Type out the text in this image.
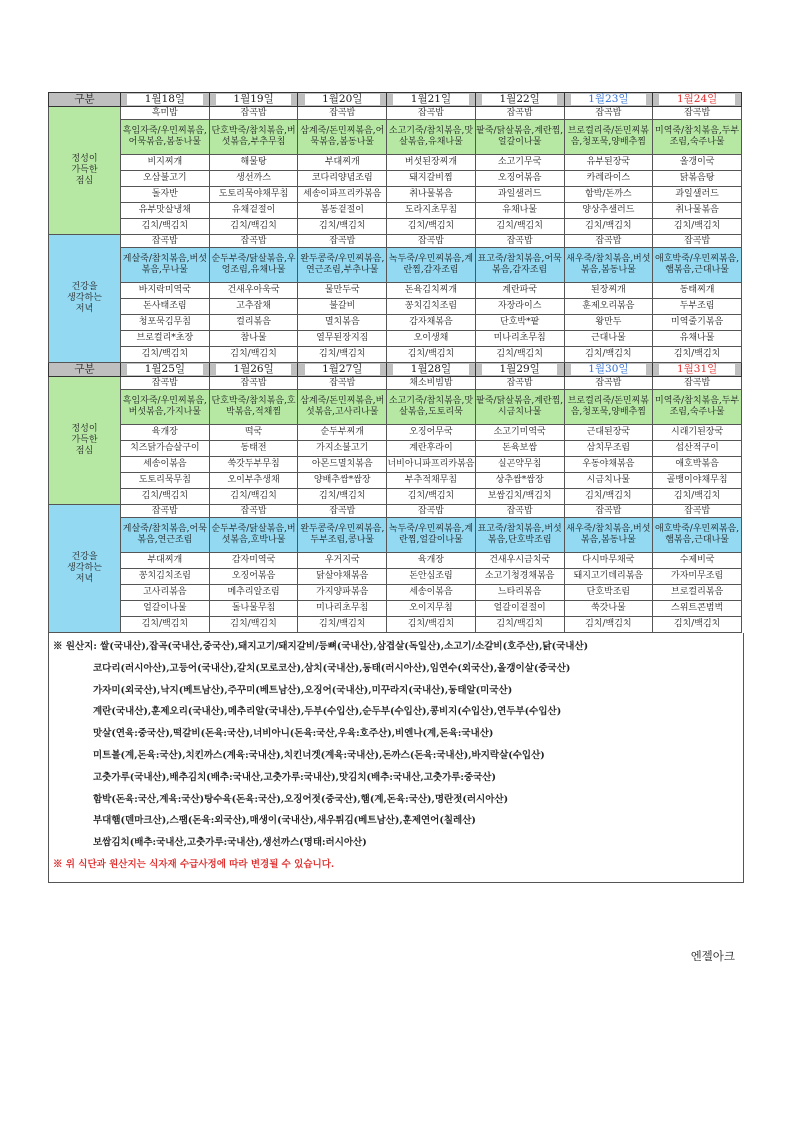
구분	1월18일	1월19일	1월20일	1월21일	1월22일	1월23일	1월24일

정성이
가득한
점심	흑미밥	잡곡밥	잡곡밥	잡곡밥	잡곡밥	잡곡밥	잡곡밥
	흑임자죽/우민찌볶음,어묵볶음,봄동나물	단호박죽/참치볶음,버섯볶음,부추무침	삼계죽/돈민찌볶음,어묵볶음,봄동나물	소고기죽/참치볶음,맛살볶음,유채나물	팥죽/닭살볶음,계란찜,얼갈이나물	브로컬리죽/돈민찌볶음,청포묵,양배추찜	미역죽/참치볶음,두부조림,숙주나물
	비지찌개	해물탕	부대찌개	버섯된장찌개	소고기무국	유부된장국	올갱이국
	오삼불고기	생선까스	코다리양념조림	돼지갈비찜	오징어볶음	카레라이스	닭볶음탕
	돌자반	도토리묵야채무침	세송이파프리카볶음	취나물볶음	과일샐러드	함박/돈까스	과일샐러드
	유부맛살냉채	유채겉절이	봄동겉절이	도라지초무침	유채나물	양상추샐러드	취나물볶음
	김치/백김치	김치/백김치	김치/백김치	김치/백김치	김치/백김치	김치/백김치	김치/백김치

건강을
생각하는
저녁	잡곡밥	잡곡밥	잡곡밥	잡곡밥	잡곡밥	잡곡밥	잡곡밥
	게살죽/참치볶음,버섯볶음,무나물	순두부죽/닭살볶음,우엉조림,유채나물	완두콩죽/우민찌볶음,연근조림,부추나물	녹두죽/우민찌볶음,계란찜,감자조림	표고죽/참치볶음,어묵볶음,감자조림	새우죽/참치볶음,버섯볶음,봄동나물	애호박죽/우민찌볶음,햄볶음,근대나물
	바지락미역국	건새우아욱국	물만두국	돈육김치찌개	계란파국	된장찌개	동태찌개
	돈사태조림	고추잡채	불갈비	꽁치김치조림	자장라이스	훈제오리볶음	두부조림
	청포묵김무침	컬리볶음	멸치볶음	감자채볶음	단호박*팥	왕만두	미역줄기볶음
	브로컬리*초장	참나물	열무된장지짐	오이생채	미나리초무침	근대나물	유채나물
	김치/백김치	김치/백김치	김치/백김치	김치/백김치	김치/백김치	김치/백김치	김치/백김치
구분	1월25일	1월26일	1월27일	1월28일	1월29일	1월30일	1월31일

정성이
가득한
점심	잡곡밥	잡곡밥	잡곡밥	채소비빔밥	잡곡밥	잡곡밥	잡곡밥
	흑임자죽/우민찌볶음,버섯볶음,가지나물	단호박죽/참치볶음,호박볶음,적채찜	삼계죽/돈민찌볶음,버섯볶음,고사리나물	소고기죽/참치볶음,맛살볶음,도토리묵	팥죽/닭살볶음,계란찜,시금치나물	브로컬리죽/돈민찌볶음,청포묵,양배추찜	미역죽/참치볶음,두부조림,숙주나물
	육개장	떡국	순두부찌개	오징어무국	소고기미역국	근대된장국	시래기된장국
	치즈닭가슴살구이	동태전	가지소불고기	계란후라이	돈육보쌈	삼치무조림	섭산적구이
	세송이볶음	쑥갓두부무침	아몬드멸치볶음	너비아니파프리카볶음	실곤약무침	우동야채볶음	애호박볶음
	도토리묵무침	오이부추생채	양배추쌈*쌈장	부추적채무침	상추쌈*쌈장	시금치나물	골뱅이야채무침
	김치/백김치	김치/백김치	김치/백김치	김치/백김치	보쌈김치/백김치	김치/백김치	김치/백김치

건강을
생각하는
저녁	잡곡밥	잡곡밥	잡곡밥	잡곡밥	잡곡밥	잡곡밥	잡곡밥
	게살죽/참치볶음,어묵볶음,연근조림	순두부죽/닭살볶음,버섯볶음,호박나물	완두콩죽/우민찌볶음,두부조림,콩나물	녹두죽/우민찌볶음,계란찜,얼갈이나물	표고죽/참치볶음,버섯볶음,단호박조림	새우죽/참치볶음,버섯볶음,봄동나물	애호박죽/우민찌볶음,햄볶음,근대나물
	부대찌개	감자미역국	우거지국	육개장	건새우시금치국	다시마무채국	수제비국
	꽁치김치조림	오징어볶음	닭살야채볶음	돈안심조림	소고기청경채볶음	돼지고기데리볶음	가자미무조림
	고사리볶음	메추리알조림	가지양파볶음	세송이볶음	느타리볶음	단호박조림	브로컬리볶음
	얼갈이나물	돌나물무침	미나리초무침	오이지무침	얼갈이겉절이	쑥갓나물	스위트콘범벅
	김치/백김치	김치/백김치	김치/백김치	김치/백김치	김치/백김치	김치/백김치	김치/백김치
※ 원산지: 쌀(국내산),잡곡(국내산,중국산),돼지고기/돼지갈비/등뼈(국내산),삼겹살(독일산),소고기/소갈비(호주산),닭(국내산)
코다리(러시아산),고등어(국내산),갈치(모로코산),삼치(국내산),동태(러시아산),임연수(외국산),올갱이살(중국산)
가자미(외국산),낙지(베트남산),주꾸미(베트남산),오징어(국내산),미꾸라지(국내산),동태알(미국산)
계란(국내산),훈제오리(국내산),메추리알(국내산),두부(수입산),순두부(수입산),콩비지(수입산),연두부(수입산)
맛살(연육:중국산),떡갈비(돈육:국산),너비아니(돈육:국산,우육:호주산),비엔나(계,돈육:국내산)
미트볼(계,돈육:국산),치킨까스(계육:국내산),치킨너겟(계육:국내산),돈까스(돈육:국내산),바지락살(수입산)
고춧가루(국내산),배추김치(배추:국내산,고춧가루:국내산),맛김치(배추:국내산,고춧가루:중국산)
함박(돈육:국산,계육:국산)탕수육(돈육:국산),오징어젓(중국산),햄(계,돈육:국산),명란젓(러시아산)
부대햄(덴마크산),스팸(돈육:외국산),매생이(국내산),새우튀김(베트남산),훈제연어(칠레산)
보쌈김치(배추:국내산,고춧가루:국내산),생선까스(명태:러시아산)
※ 위 식단과 원산지는 식자재 수급사정에 따라 변경될 수 있습니다.
엔젤아크
